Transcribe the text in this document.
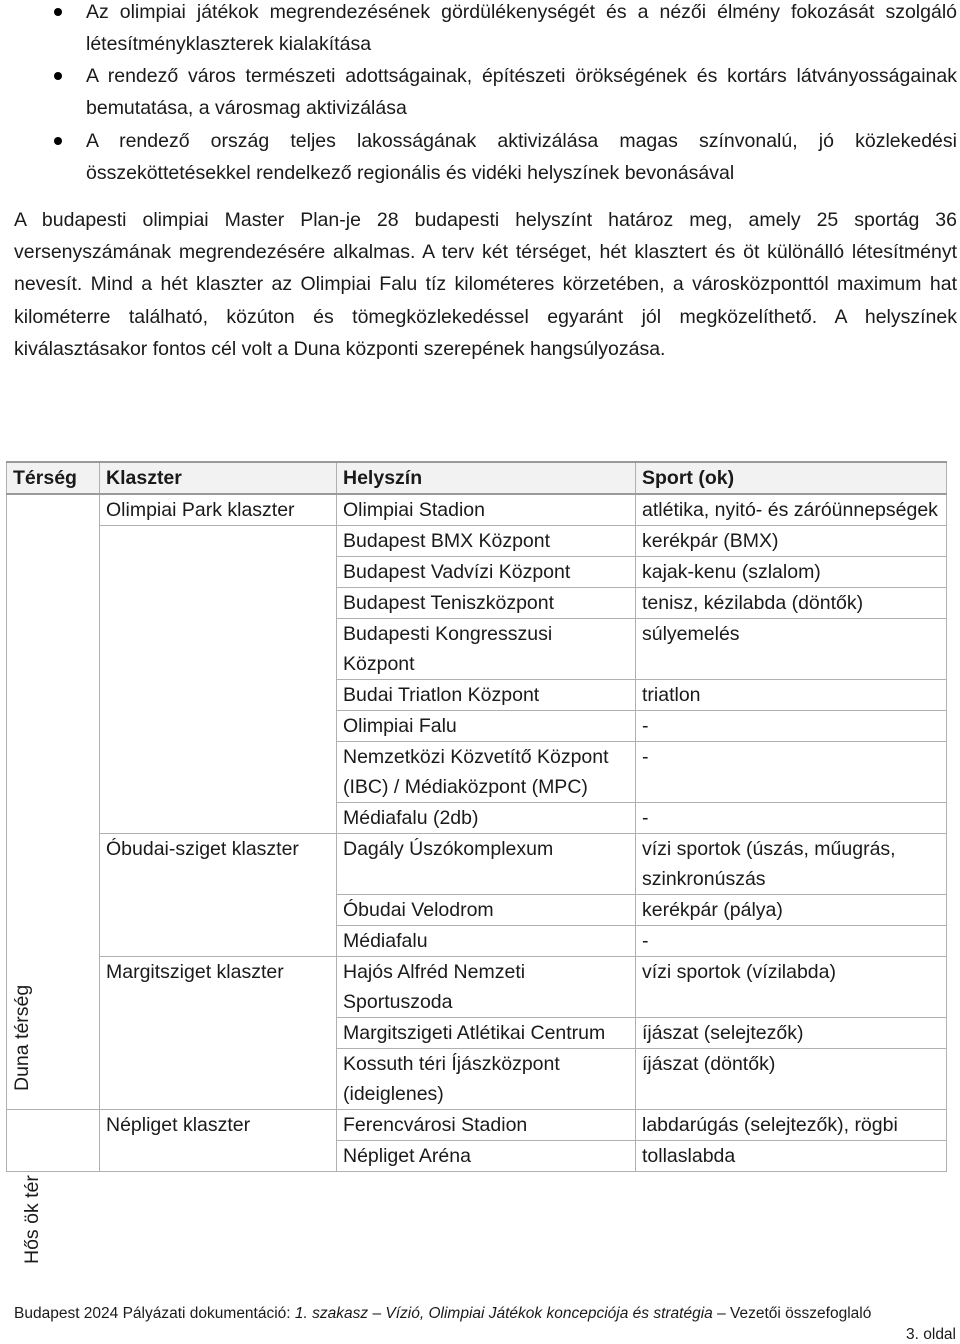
Az olimpiai játékok megrendezésének gördülékenységét és a nézői élmény fokozását szolgáló létesítményklaszterek kialakítása
A rendező város természeti adottságainak, építészeti örökségének és kortárs látványosságainak bemutatása, a városmag aktivizálása
A rendező ország teljes lakosságának aktivizálása magas színvonalú, jó közlekedési összeköttetésekkel rendelkező regionális és vidéki helyszínek bevonásával
A budapesti olimpiai Master Plan-je 28 budapesti helyszínt határoz meg, amely 25 sportág 36 versenyszámának megrendezésére alkalmas. A terv két térséget, hét klasztert és öt különálló létesítményt nevesít. Mind a hét klaszter az Olimpiai Falu tíz kilométeres körzetében, a városközponttól maximum hat kilométerre található, közúton és tömegközlekedéssel egyaránt jól megközelíthető. A helyszínek kiválasztásakor fontos cél volt a Duna központi szerepének hangsúlyozása.
Térség	Klaszter	Helyszín	Sport (ok)

Duna térség	Olimpiai Park klaszter	Olimpiai Stadion	atlétika, nyitó- és záróünnepségek
		Budapest BMX Központ	kerékpár (BMX)
		Budapest Vadvízi Központ	kajak-kenu (szlalom)
		Budapest Teniszközpont	tenisz, kézilabda (döntők)
		Budapesti Kongresszusi Központ	súlyemelés
		Budai Triatlon Központ	triatlon
		Olimpiai Falu	-
		Nemzetközi Közvetítő Központ (IBC) / Médiaközpont (MPC)	-
		Médiafalu (2db)	-
	Óbudai-sziget klaszter	Dagály Úszókomplexum	vízi sportok (úszás, műugrás, szinkronúszás
		Óbudai Velodrom	kerékpár (pálya)
		Médiafalu	-
	Margitsziget klaszter	Hajós Alfréd Nemzeti Sportuszoda	vízi sportok (vízilabda)
		Margitszigeti Atlétikai Centrum	íjászat (selejtezők)
		Kossuth téri Íjászközpont (ideiglenes)	íjászat (döntők)

Hős ök tér	Népliget klaszter	Ferencvárosi Stadion	labdarúgás (selejtezők), rögbi
		Népliget Aréna	tollaslabda
Budapest 2024 Pályázati dokumentáció: 1. szakasz – Vízió, Olimpiai Játékok koncepciója és stratégia – Vezetői összefoglaló
3. oldal
